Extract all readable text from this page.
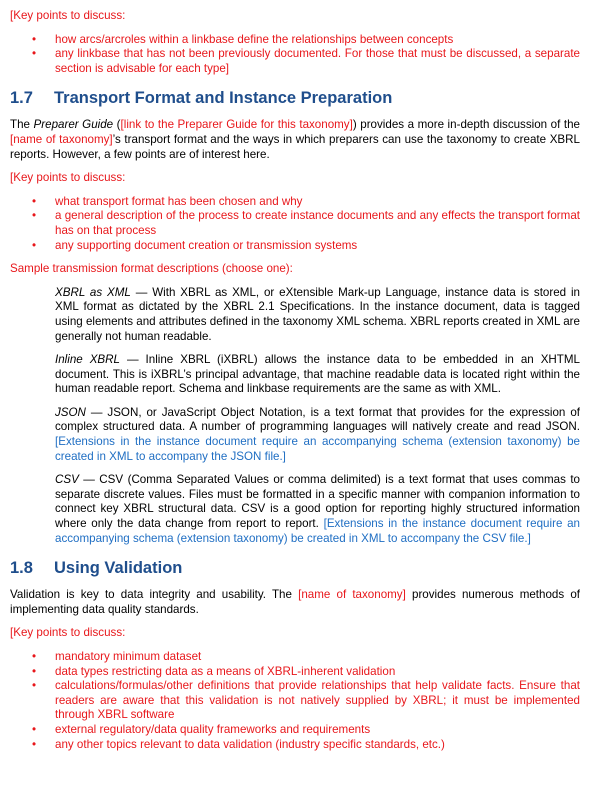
[Key points to discuss:

• how arcs/arcroles within a linkbase define the relationships between concepts
• any linkbase that has not been previously documented. For those that must be discussed, a separate section is advisable for each type]
1.7 Transport Format and Instance Preparation

The Preparer Guide ([link to the Preparer Guide for this taxonomy]) provides a more in-depth discussion of the [name of taxonomy]’s transport format and the ways in which preparers can use the taxonomy to create XBRL reports. However, a few points are of interest here.

[Key points to discuss:

• what transport format has been chosen and why
• a general description of the process to create instance documents and any effects the transport format has on that process
• any supporting document creation or transmission systems

Sample transmission format descriptions (choose one):

XBRL as XML — With XBRL as XML, or eXtensible Mark-up Language, instance data is stored in XML format as dictated by the XBRL 2.1 Specifications. In the instance document, data is tagged using elements and attributes defined in the taxonomy XML schema. XBRL reports created in XML are generally not human readable.

Inline XBRL — Inline XBRL (iXBRL) allows the instance data to be embedded in an XHTML document. This is iXBRL’s principal advantage, that machine readable data is located right within the human readable report. Schema and linkbase requirements are the same as with XML.

JSON — JSON, or JavaScript Object Notation, is a text format that provides for the expression of complex structured data. A number of programming languages will natively create and read JSON. [Extensions in the instance document require an accompanying schema (extension taxonomy) be created in XML to accompany the JSON file.]

CSV — CSV (Comma Separated Values or comma delimited) is a text format that uses commas to separate discrete values. Files must be formatted in a specific manner with companion information to connect key XBRL structural data. CSV is a good option for reporting highly structured information where only the data change from report to report. [Extensions in the instance document require an accompanying schema (extension taxonomy) be created in XML to accompany the CSV file.]

1.8 Using Validation

Validation is key to data integrity and usability. The [name of taxonomy] provides numerous methods of implementing data quality standards.

[Key points to discuss:

• mandatory minimum dataset
• data types restricting data as a means of XBRL-inherent validation
• calculations/formulas/other definitions that provide relationships that help validate facts. Ensure that readers are aware that this validation is not natively supplied by XBRL; it must be implemented through XBRL software
• external regulatory/data quality frameworks and requirements
• any other topics relevant to data validation (industry specific standards, etc.)
